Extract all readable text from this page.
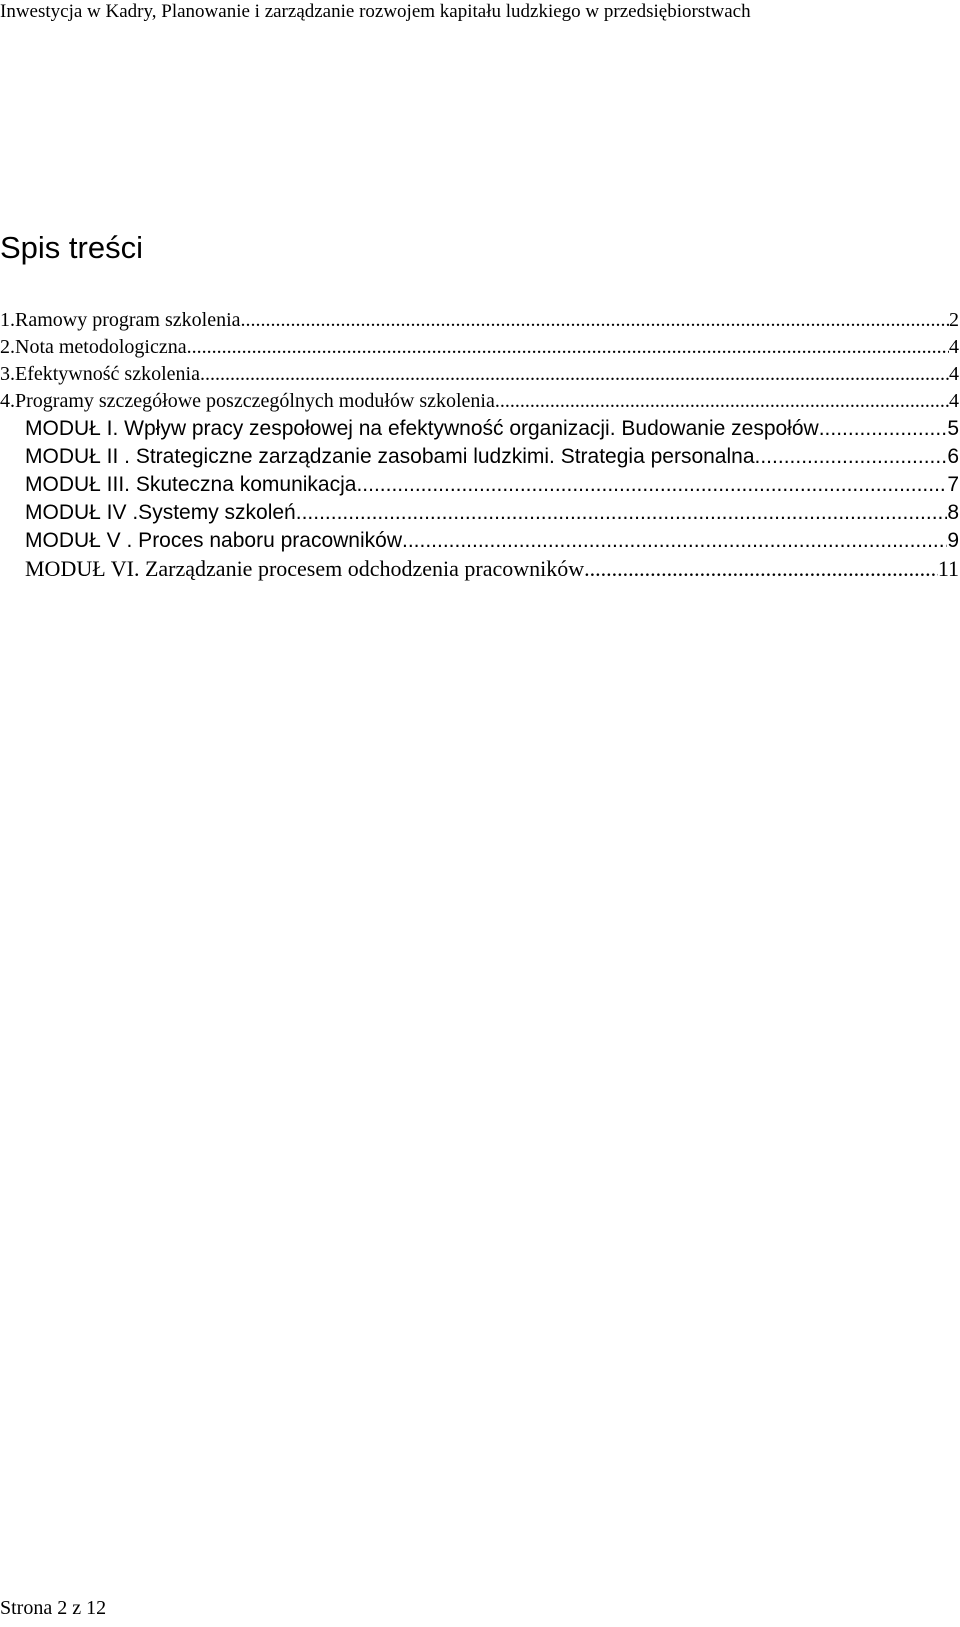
Inwestycja w Kadry, Planowanie i zarządzanie rozwojem kapitału ludzkiego w przedsiębiorstwach
Spis treści
1.Ramowy program szkolenia .....	2
2.Nota metodologiczna .....	4
3.Efektywność szkolenia .....	4
4.Programy szczegółowe poszczególnych modułów szkolenia .....	4
MODUŁ I. Wpływ pracy zespołowej na efektywność organizacji. Budowanie zespołów .....	5
MODUŁ II . Strategiczne zarządzanie zasobami ludzkimi. Strategia personalna .....	6
MODUŁ III. Skuteczna komunikacja .....	7
MODUŁ IV .Systemy szkoleń .....	8
MODUŁ V . Proces naboru pracowników .....	9
MODUŁ VI. Zarządzanie procesem odchodzenia pracowników .....	11
Strona 2 z 12
